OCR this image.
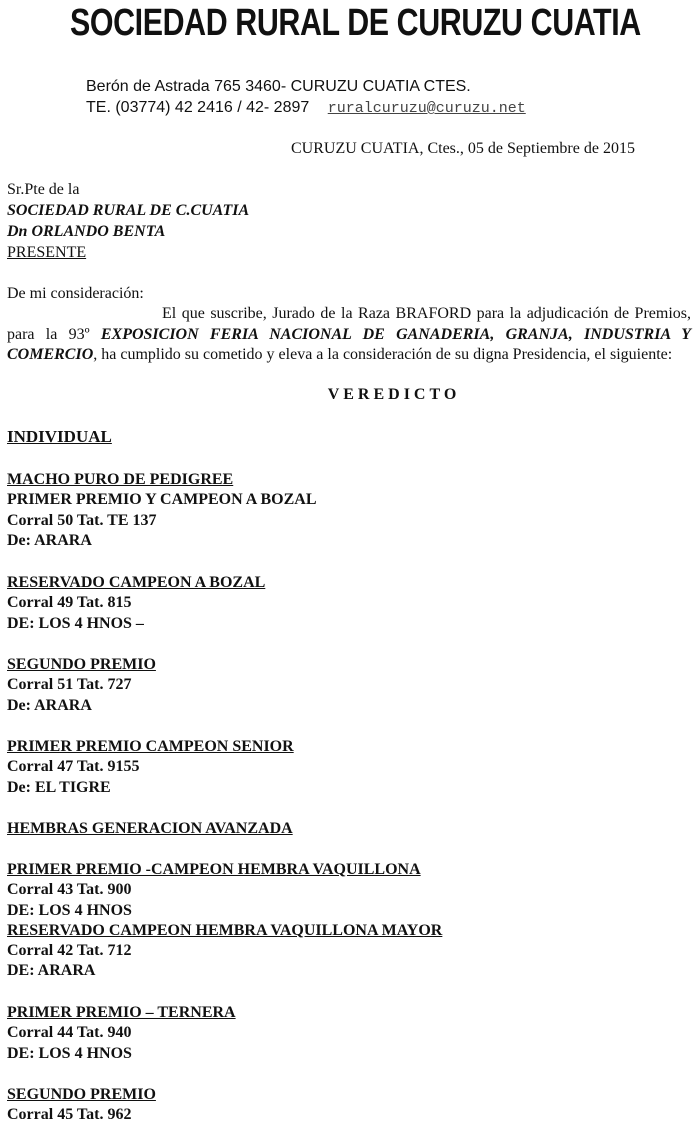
SOCIEDAD RURAL DE CURUZU CUATIA
Berón de Astrada 765 3460- CURUZU CUATIA CTES.
TE. (03774) 42 2416 / 42- 2897 ruralcuruzu@curuzu.net
CURUZU CUATIA, Ctes., 05 de Septiembre de 2015
Sr.Pte de la
SOCIEDAD RURAL DE C.CUATIA
Dn ORLANDO BENTA
PRESENTE
De mi consideración:

El que suscribe, Jurado de la Raza BRAFORD para la adjudicación de Premios, para la 93º EXPOSICION FERIA NACIONAL DE GANADERIA, GRANJA, INDUSTRIA Y COMERCIO, ha cumplido su cometido y eleva a la consideración de su digna Presidencia, el siguiente:

VEREDICTO
INDIVIDUAL
MACHO PURO DE PEDIGREE
PRIMER PREMIO Y CAMPEON A BOZAL
Corral 50 Tat. TE 137
De: ARARA
RESERVADO CAMPEON A BOZAL
Corral 49 Tat. 815
DE: LOS 4 HNOS –
SEGUNDO PREMIO
Corral 51 Tat. 727
De: ARARA
PRIMER PREMIO CAMPEON SENIOR
Corral 47 Tat. 9155
De: EL TIGRE
HEMBRAS GENERACION AVANZADA
PRIMER PREMIO -CAMPEON HEMBRA VAQUILLONA
Corral 43 Tat. 900
DE: LOS 4 HNOS
RESERVADO CAMPEON HEMBRA VAQUILLONA MAYOR
Corral 42 Tat. 712
DE: ARARA
PRIMER PREMIO – TERNERA
Corral 44 Tat. 940
DE: LOS 4 HNOS
SEGUNDO PREMIO
Corral 45 Tat. 962
